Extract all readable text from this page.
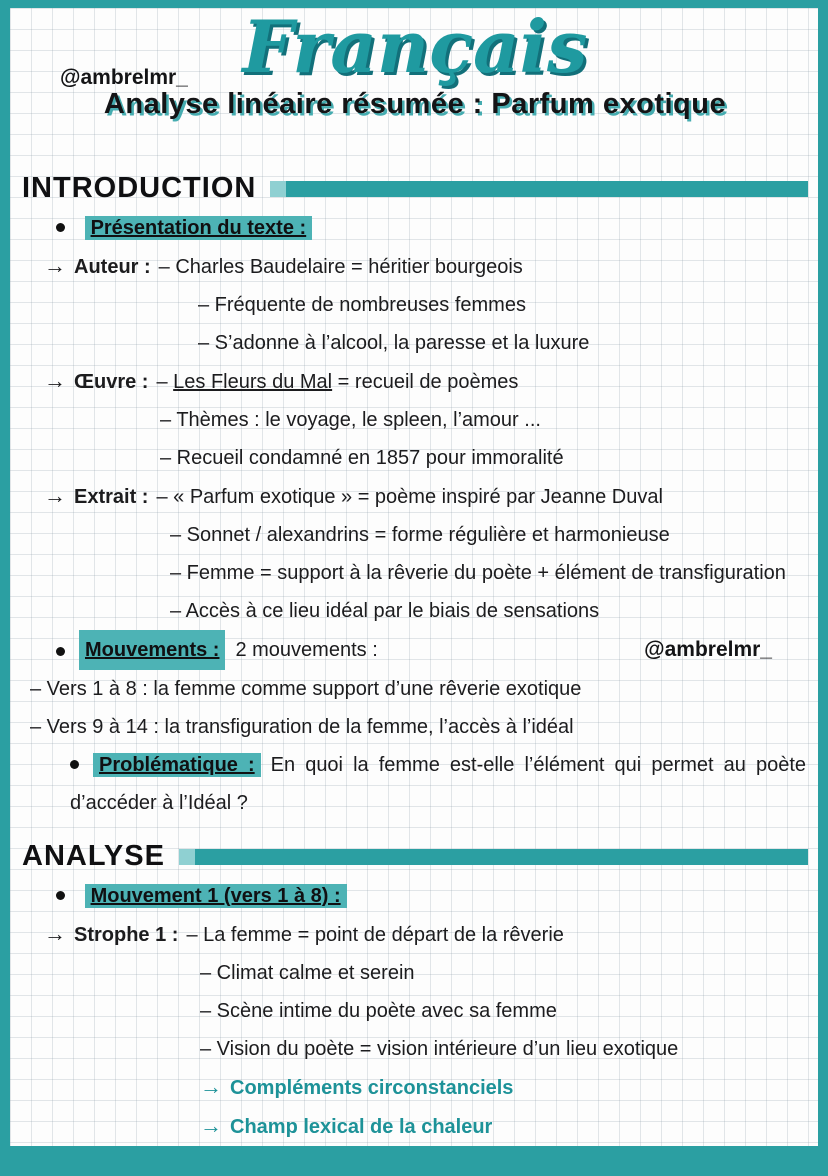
@ambrelmr_ Français
Analyse linéaire résumée : Parfum exotique
INTRODUCTION
Présentation du texte :
→ Auteur : – Charles Baudelaire = héritier bourgeois
– Fréquente de nombreuses femmes
– S’adonne à l’alcool, la paresse et la luxure
→ Œuvre : – Les Fleurs du Mal = recueil de poèmes
– Thèmes : le voyage, le spleen, l’amour ...
– Recueil condamné en 1857 pour immoralité
→ Extrait : – « Parfum exotique » = poème inspiré par Jeanne Duval
– Sonnet / alexandrins = forme régulière et harmonieuse
– Femme = support à la rêverie du poète + élément de transfiguration
– Accès à ce lieu idéal par le biais de sensations
Mouvements : 2 mouvements :	@ambrelmr_
– Vers 1 à 8 : la femme comme support d’une rêverie exotique
– Vers 9 à 14 : la transfiguration de la femme, l’accès à l’idéal

Problématique : En quoi la femme est-elle l’élément qui permet au poète d’accéder à l’Idéal ?

ANALYSE
Mouvement 1 (vers 1 à 8) :
→ Strophe 1 : – La femme = point de départ de la rêverie
– Climat calme et serein
– Scène intime du poète avec sa femme
– Vision du poète = vision intérieure d’un lieu exotique
→ Compléments circonstanciels
→ Champ lexical de la chaleur
